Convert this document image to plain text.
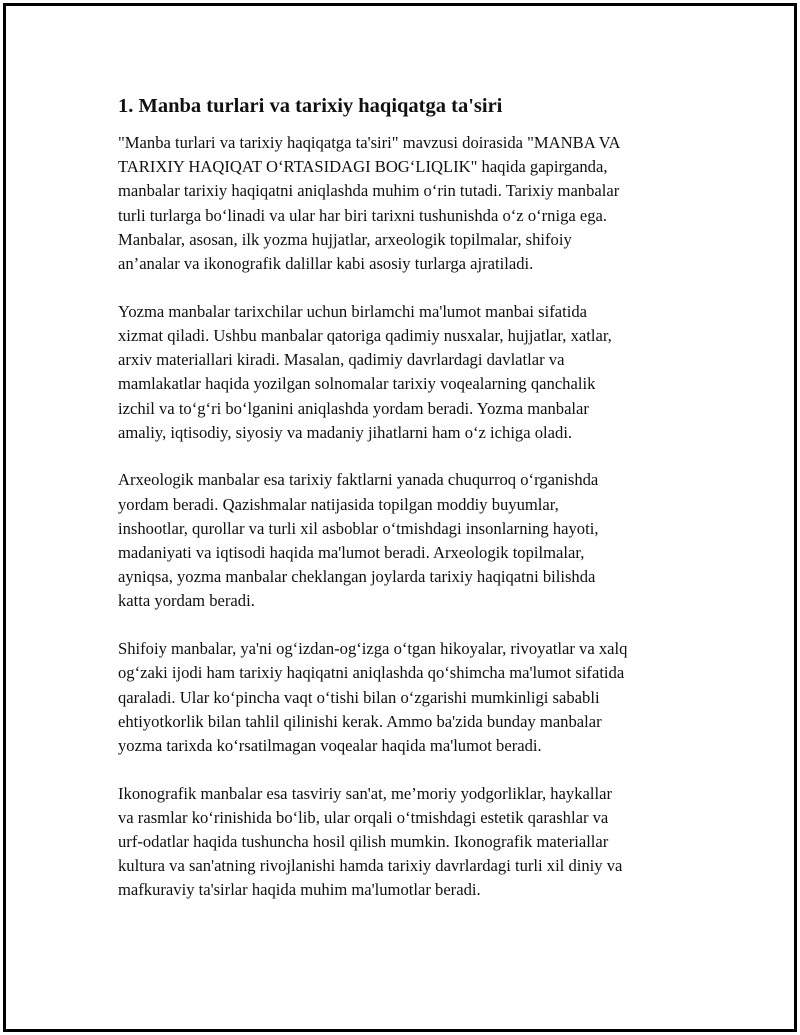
1. Manba turlari va tarixiy haqiqatga ta'siri

"Manba turlari va tarixiy haqiqatga ta'siri" mavzusi doirasida "MANBA VA
TARIXIY HAQIQAT O‘RTASIDAGI BOG‘LIQLIK" haqida gapirganda,
manbalar tarixiy haqiqatni aniqlashda muhim o‘rin tutadi. Tarixiy manbalar
turli turlarga bo‘linadi va ular har biri tarixni tushunishda o‘z o‘rniga ega.
Manbalar, asosan, ilk yozma hujjatlar, arxeologik topilmalar, shifoiy
an’analar va ikonografik dalillar kabi asosiy turlarga ajratiladi.

Yozma manbalar tarixchilar uchun birlamchi ma'lumot manbai sifatida
xizmat qiladi. Ushbu manbalar qatoriga qadimiy nusxalar, hujjatlar, xatlar,
arxiv materiallari kiradi. Masalan, qadimiy davrlardagi davlatlar va
mamlakatlar haqida yozilgan solnomalar tarixiy voqealarning qanchalik
izchil va to‘g‘ri bo‘lganini aniqlashda yordam beradi. Yozma manbalar
amaliy, iqtisodiy, siyosiy va madaniy jihatlarni ham o‘z ichiga oladi.

Arxeologik manbalar esa tarixiy faktlarni yanada chuqurroq o‘rganishda
yordam beradi. Qazishmalar natijasida topilgan moddiy buyumlar,
inshootlar, qurollar va turli xil asboblar o‘tmishdagi insonlarning hayoti,
madaniyati va iqtisodi haqida ma'lumot beradi. Arxeologik topilmalar,
ayniqsa, yozma manbalar cheklangan joylarda tarixiy haqiqatni bilishda
katta yordam beradi.

Shifoiy manbalar, ya'ni og‘izdan-og‘izga o‘tgan hikoyalar, rivoyatlar va xalq
og‘zaki ijodi ham tarixiy haqiqatni aniqlashda qo‘shimcha ma'lumot sifatida
qaraladi. Ular ko‘pincha vaqt o‘tishi bilan o‘zgarishi mumkinligi sababli
ehtiyotkorlik bilan tahlil qilinishi kerak. Ammo ba'zida bunday manbalar
yozma tarixda ko‘rsatilmagan voqealar haqida ma'lumot beradi.

Ikonografik manbalar esa tasviriy san'at, me’moriy yodgorliklar, haykallar
va rasmlar ko‘rinishida bo‘lib, ular orqali o‘tmishdagi estetik qarashlar va
urf-odatlar haqida tushuncha hosil qilish mumkin. Ikonografik materiallar
kultura va san'atning rivojlanishi hamda tarixiy davrlardagi turli xil diniy va
mafkuraviy ta'sirlar haqida muhim ma'lumotlar beradi.
